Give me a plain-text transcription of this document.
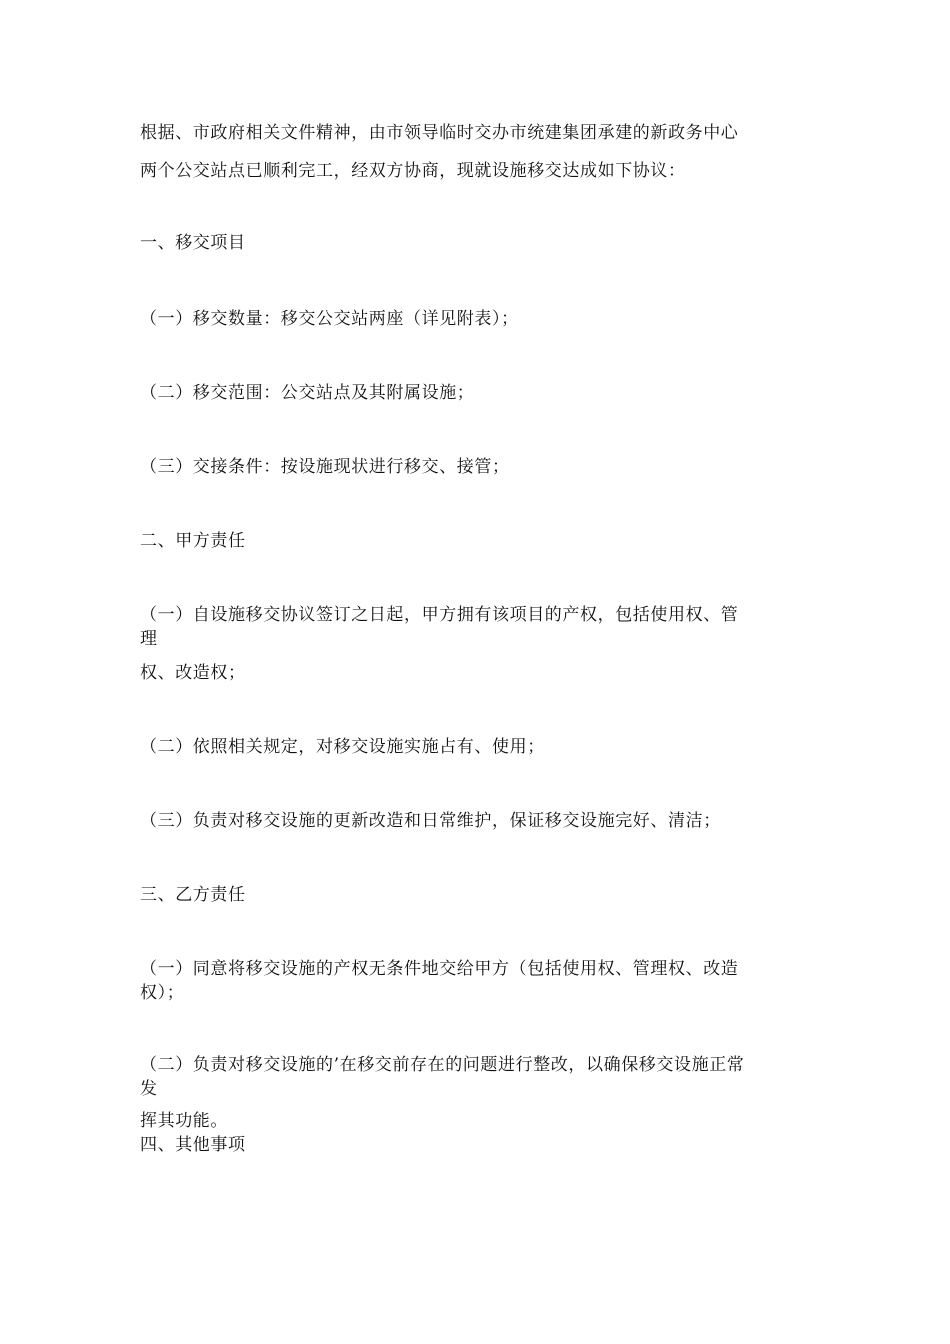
根据、市政府相关文件精神，由市领导临时交办市统建集团承建的新政务中心
两个公交站点已顺利完工，经双方协商，现就设施移交达成如下协议：
一、移交项目
（一）移交数量：移交公交站两座（详见附表）；
（二）移交范围：公交站点及其附属设施；
（三）交接条件：按设施现状进行移交、接管；
二、甲方责任
（一）自设施移交协议签订之日起，甲方拥有该项目的产权，包括使用权、管
理
权、改造权；
（二）依照相关规定，对移交设施实施占有、使用；
（三）负责对移交设施的更新改造和日常维护，保证移交设施完好、清洁；
三、乙方责任
（一）同意将移交设施的产权无条件地交给甲方（包括使用权、管理权、改造
权）；
（二）负责对移交设施的’在移交前存在的问题进行整改，以确保移交设施正常
发
挥其功能。
四、其他事项
